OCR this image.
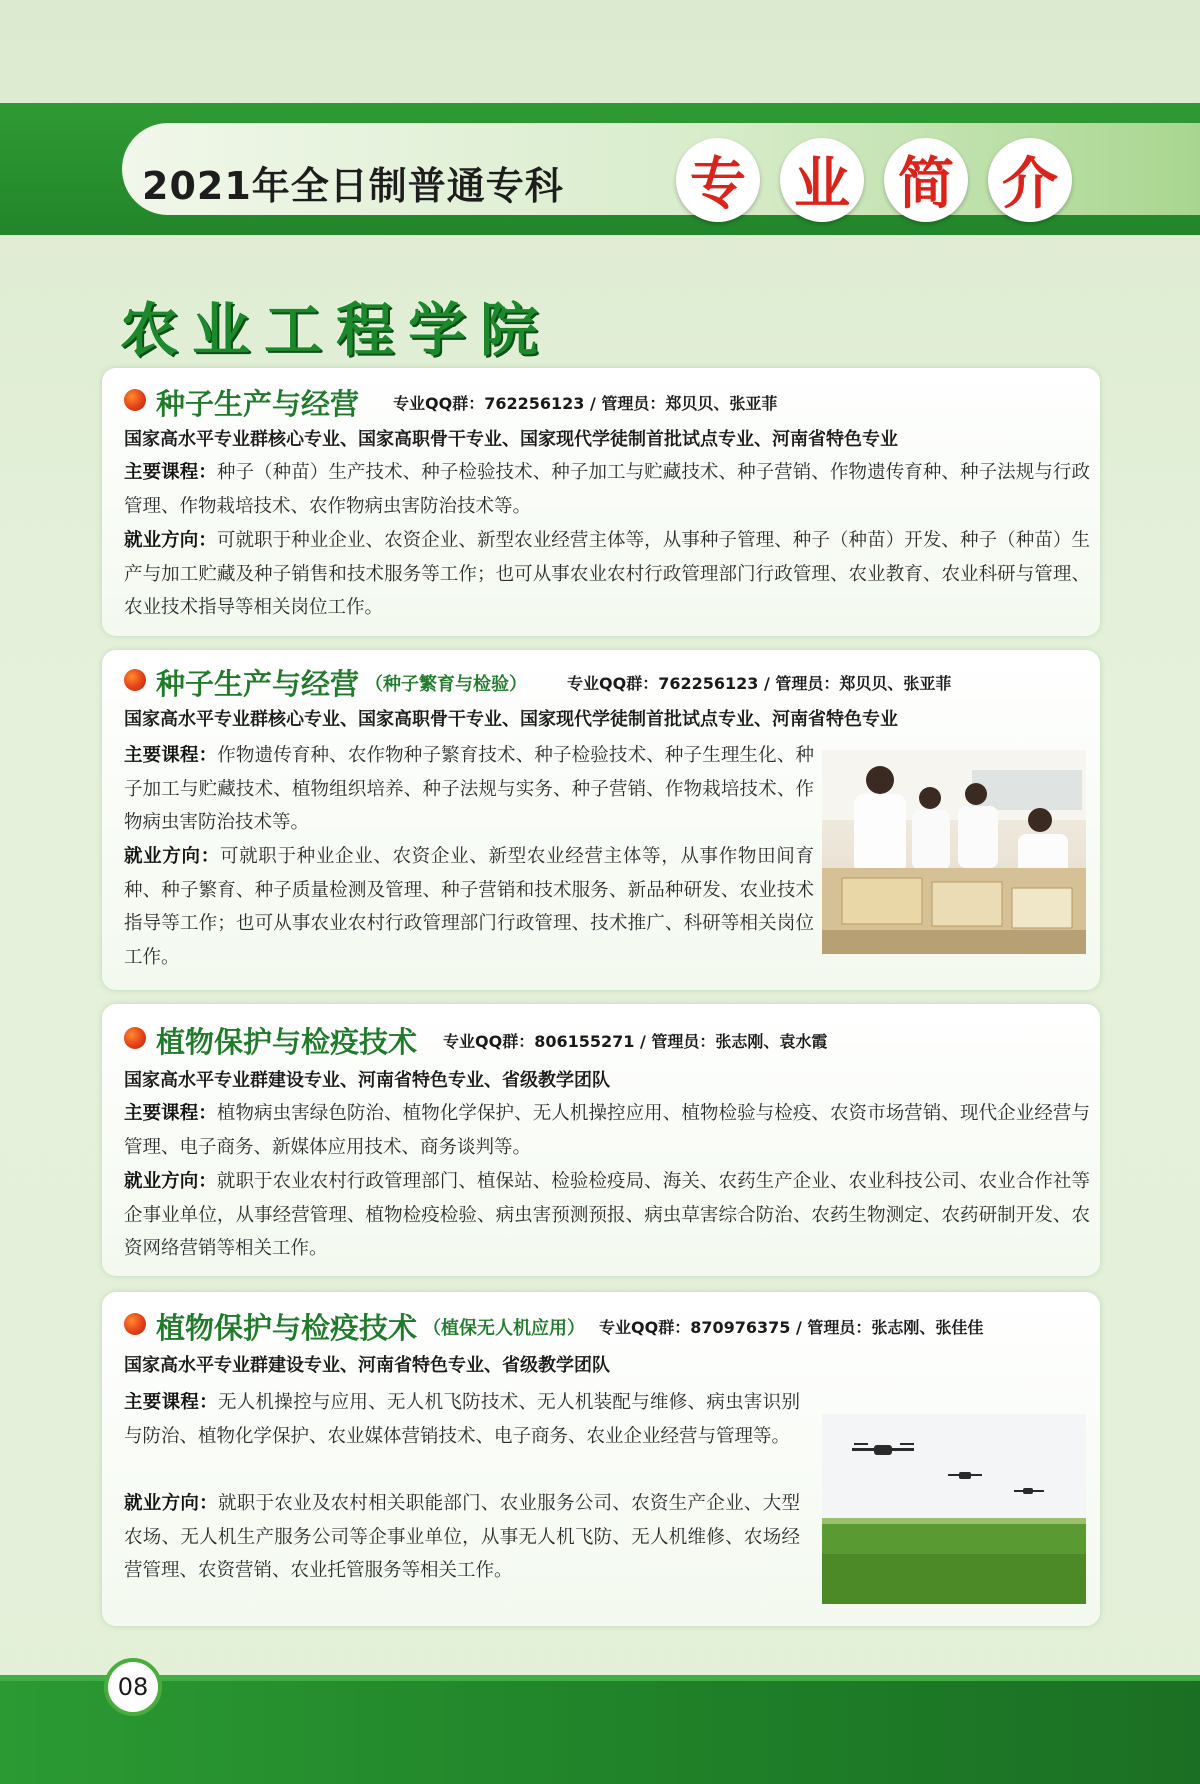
2021年全日制普通专科 专 业 简 介
农业工程学院
种子生产与经营 专业QQ群：762256123 / 管理员：郑贝贝、张亚菲
国家高水平专业群核心专业、国家高职骨干专业、国家现代学徒制首批试点专业、河南省特色专业
主要课程：种子（种苗）生产技术、种子检验技术、种子加工与贮藏技术、种子营销、作物遗传育种、种子法规与行政管理、作物栽培技术、农作物病虫害防治技术等。
就业方向：可就职于种业企业、农资企业、新型农业经营主体等，从事种子管理、种子（种苗）开发、种子（种苗）生产与加工贮藏及种子销售和技术服务等工作；也可从事农业农村行政管理部门行政管理、农业教育、农业科研与管理、农业技术指导等相关岗位工作。
种子生产与经营 （种子繁育与检验）	专业QQ群：762256123 / 管理员：郑贝贝、张亚菲
国家高水平专业群核心专业、国家高职骨干专业、国家现代学徒制首批试点专业、河南省特色专业
主要课程：作物遗传育种、农作物种子繁育技术、种子检验技术、种子生理生化、种子加工与贮藏技术、植物组织培养、种子法规与实务、种子营销、作物栽培技术、作物病虫害防治技术等。
就业方向：可就职于种业企业、农资企业、新型农业经营主体等，从事作物田间育种、种子繁育、种子质量检测及管理、种子营销和技术服务、新品种研发、农业技术指导等工作；也可从事农业农村行政管理部门行政管理、技术推广、科研等相关岗位工作。
植物保护与检疫技术 专业QQ群：806155271 / 管理员：张志刚、袁水霞
国家高水平专业群建设专业、河南省特色专业、省级教学团队
主要课程：植物病虫害绿色防治、植物化学保护、无人机操控应用、植物检验与检疫、农资市场营销、现代企业经营与管理、电子商务、新媒体应用技术、商务谈判等。
就业方向：就职于农业农村行政管理部门、植保站、检验检疫局、海关、农药生产企业、农业科技公司、农业合作社等企事业单位，从事经营管理、植物检疫检验、病虫害预测预报、病虫草害综合防治、农药生物测定、农药研制开发、农资网络营销等相关工作。
植物保护与检疫技术 （植保无人机应用） 专业QQ群：870976375 / 管理员：张志刚、张佳佳
国家高水平专业群建设专业、河南省特色专业、省级教学团队
主要课程：无人机操控与应用、无人机飞防技术、无人机装配与维修、病虫害识别与防治、植物化学保护、农业媒体营销技术、电子商务、农业企业经营与管理等。
就业方向：就职于农业及农村相关职能部门、农业服务公司、农资生产企业、大型农场、无人机生产服务公司等企事业单位，从事无人机飞防、无人机维修、农场经营管理、农资营销、农业托管服务等相关工作。
08
